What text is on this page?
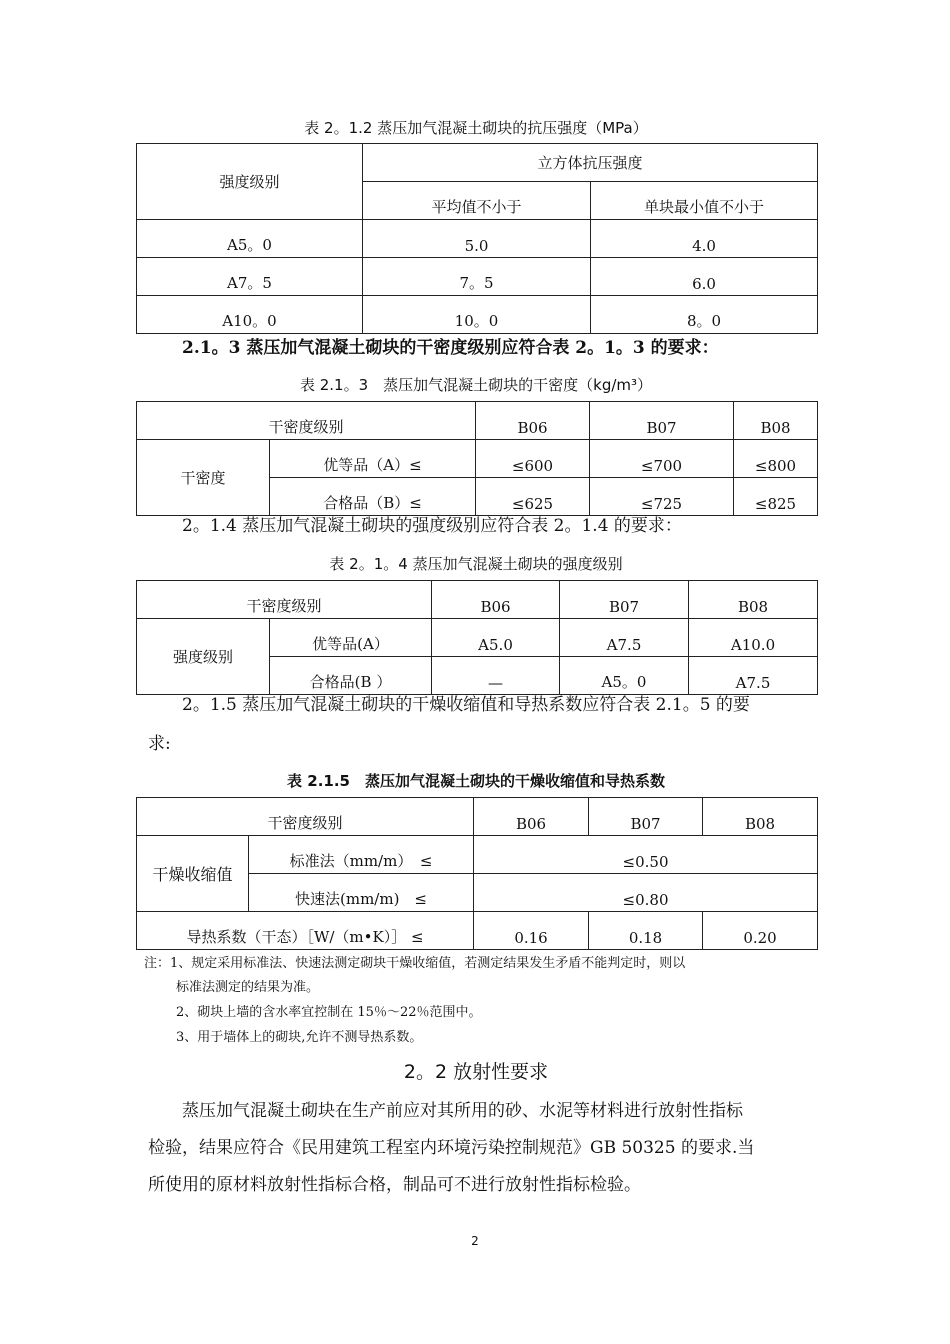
表 2。1.2 蒸压加气混凝土砌块的抗压强度（MPa）
强度级别	立方体抗压强度	
	平均值不小于	单块最小值不小于
A5。0	5.0	4.0
A7。5	7。5	6.0
A10。0	10。0	8。0
2.1。3 蒸压加气混凝土砌块的干密度级别应符合表 2。1。3 的要求：
表 2.1。3　蒸压加气混凝土砌块的干密度（kg/m³）
干密度级别		B06	B07	B08
干密度	优等品（A）≤	≤600	≤700	≤800
	合格品（B）≤	≤625	≤725	≤825
2。1.4 蒸压加气混凝土砌块的强度级别应符合表 2。1.4 的要求：
表 2。1。4 蒸压加气混凝土砌块的强度级别
干密度级别		B06	B07	B08
强度级别	优等品(A）	A5.0	A7.5	A10.0
	合格品(B ）	—	A5。0	A7.5
2。1.5 蒸压加气混凝土砌块的干燥收缩值和导热系数应符合表 2.1。5 的要
求:
表 2.1.5　蒸压加气混凝土砌块的干燥收缩值和导热系数
干密度级别		B06	B07	B08
干燥收缩值	标准法（mm/m）　≤	≤0.50		
	快速法(mm/m)　≤	≤0.80		
导热系数（干态）［W/（m•K）］ ≤		0.16	0.18	0.20
注：1、规定采用标准法、快速法测定砌块干燥收缩值，若测定结果发生矛盾不能判定时，则以
标准法测定的结果为准。
2、砌块上墙的含水率宜控制在 15％～22％范围中。
3、用于墙体上的砌块,允许不测导热系数。
2。2 放射性要求
蒸压加气混凝土砌块在生产前应对其所用的砂、水泥等材料进行放射性指标
检验，结果应符合《民用建筑工程室内环境污染控制规范》GB 50325 的要求.当
所使用的原材料放射性指标合格，制品可不进行放射性指标检验。
2
